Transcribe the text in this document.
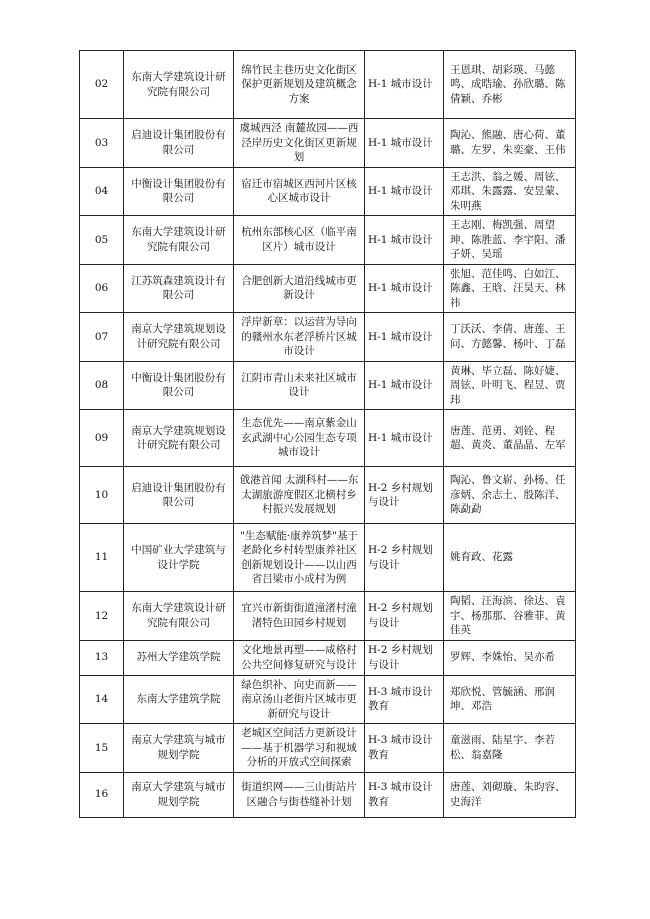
02	东南大学建筑设计研究院有限公司	绵竹民主巷历史文化街区保护更新规划及建筑概念方案	H-1 城市设计	王恩琪、胡彩瑛、马懿鸣、成晧瑜、孙欣璐、陈倩颖、乔彬
03	启迪设计集团股份有限公司	虞城西泾 南麓故园——西泾岸历史文化街区更新规划	H-1 城市设计	陶沁、熊融、唐心荷、董璐、左罗、朱奕豪、王伟
04	中衡设计集团股份有限公司	宿迁市宿城区西河片区核心区城市设计	H-1 城市设计	王志洪、翁之媛、周铉、邓琪、朱露露、安昱蒙、朱明燕
05	东南大学建筑设计研究院有限公司	杭州东部核心区（临平南区片）城市设计	H-1 城市设计	王志刚、梅凯强、周望珅、陈胜蓝、李宇阳、潘子妍、吴瑶
06	江苏筑森建筑设计有限公司	合肥创新大道沿线城市更新设计	H-1 城市设计	张旭、范佳鸣、白如江、陈鑫、王晗、汪昊天、林祎
07	南京大学建筑规划设计研究院有限公司	浮岸新章：以运营为导向的赣州水东老浮桥片区城市设计	H-1 城市设计	丁沃沃、李倩、唐莲、王问、方懿馨、杨叶、丁磊
08	中衡设计集团股份有限公司	江阴市青山未来社区城市设计	H-1 城市设计	黄琳、毕立磊、陈好婕、周铉、叶明飞、程昱、贾玮
09	南京大学建筑规划设计研究院有限公司	生态优先——南京紫金山玄武湖中心公园生态专项城市设计	H-1 城市设计	唐莲、范勇、刘铨、程超、黄炎、董晶晶、左军
10	启迪设计集团股份有限公司	戗港首闻 太湖科村——东太湖旅游度假区北横村乡村振兴发展规划	H-2 乡村规划与设计	陶沁、鲁文崭、孙杨、任彦炳、余志土、殷陈洋、陈勐勐
11	中国矿业大学建筑与设计学院	"生态赋能·康养筑梦"基于老龄化乡村转型康养社区创新规划设计——以山西省吕梁市小成村为例	H-2 乡村规划与设计	姚育政、花露
12	东南大学建筑设计研究院有限公司	宜兴市新街街道潼渚村潼渚特色田园乡村规划	H-2 乡村规划与设计	陶韬、汪海滨、徐达、袁宇、杨那那、谷雅菲、黄佳英
13	苏州大学建筑学院	文化地景再塑——咸格村公共空间修复研究与设计	H-2 乡村规划与设计	罗辉、李姝怡、吴亦希
14	东南大学建筑学院	绿色织补、向史而新——南京汤山老街片区城市更新研究与设计	H-3 城市设计教育	郑欣悦、管毓涵、邢润坤、邓浩
15	南京大学建筑与城市规划学院	老城区空间活力更新设计——基于机器学习和视域分析的开放式空间探索	H-3 城市设计教育	童滋雨、陆星宇、李若松、翁嘉隆
16	南京大学建筑与城市规划学院	街道织网——三山街站片区融合与街巷缝补计划	H-3 城市设计教育	唐莲、刘砌璇、朱昀容、史海洋
